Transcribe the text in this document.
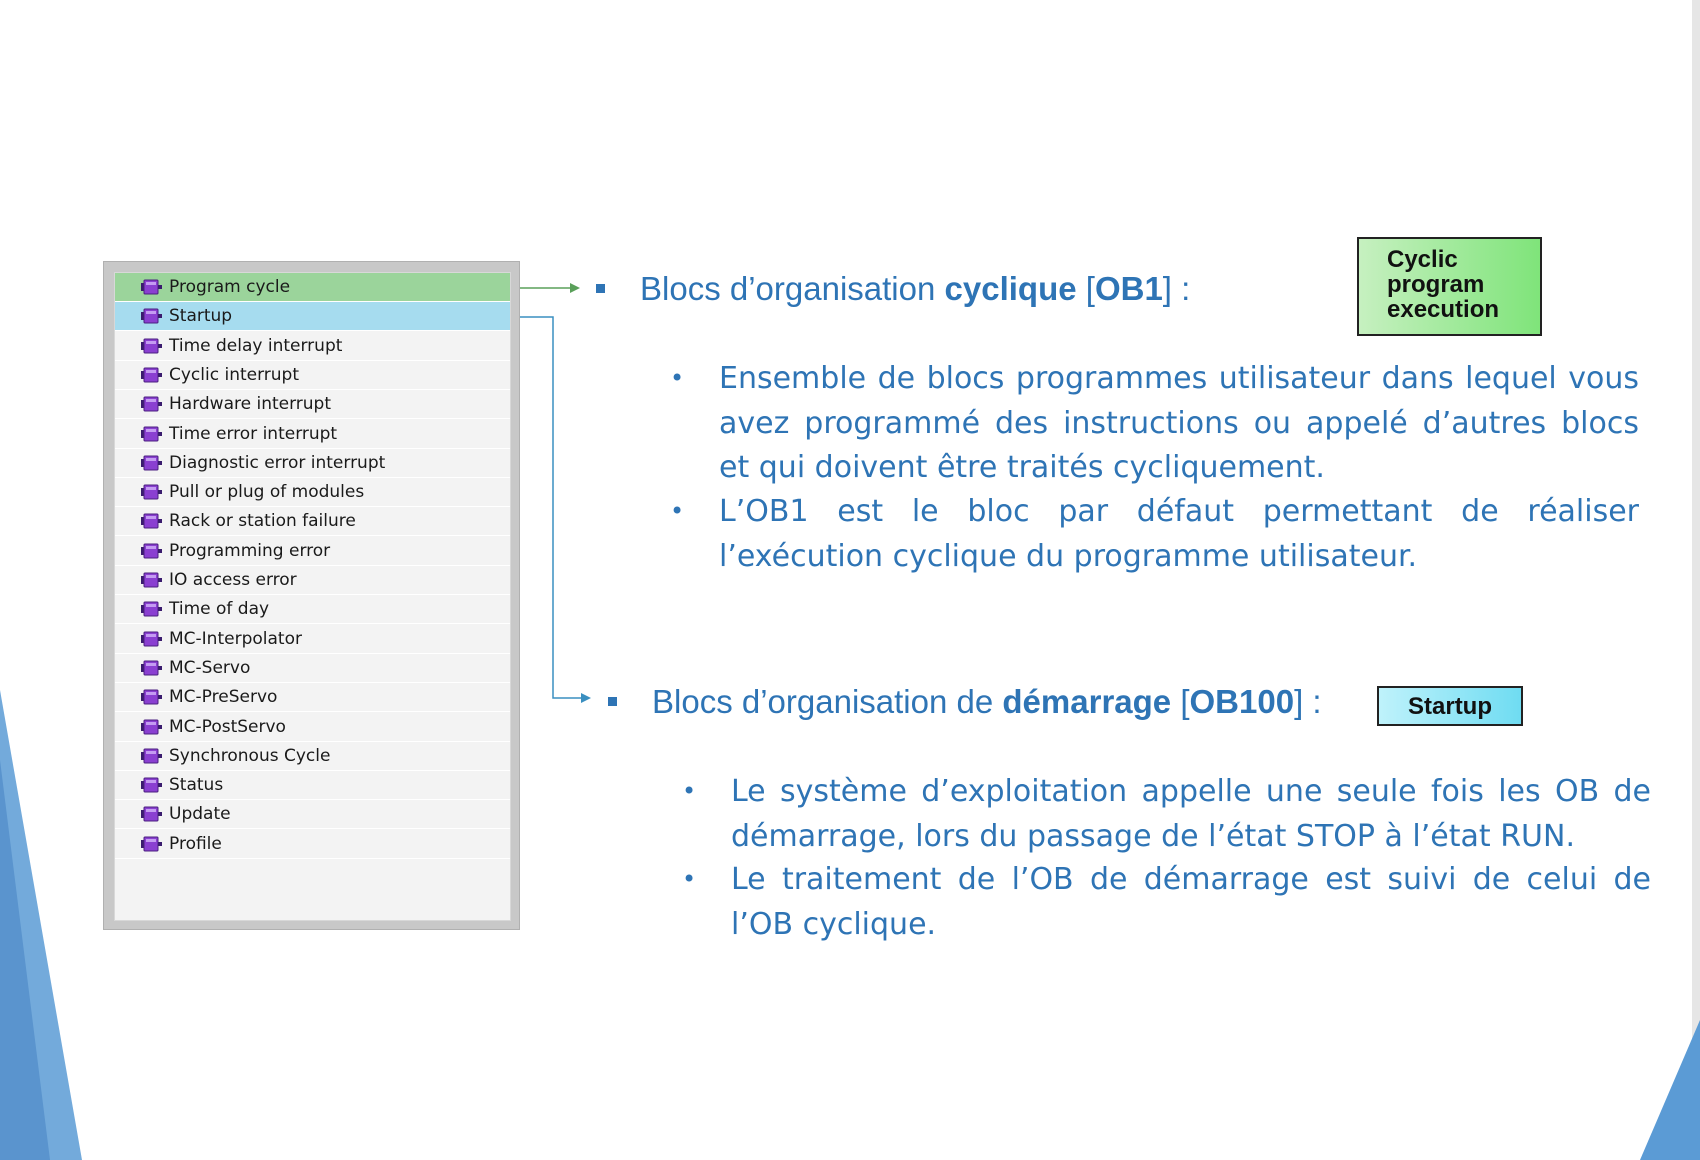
Program cycle
Startup
Time delay interrupt
Cyclic interrupt
Hardware interrupt
Time error interrupt
Diagnostic error interrupt
Pull or plug of modules
Rack or station failure
Programming error
IO access error
Time of day
MC-Interpolator
MC-Servo
MC-PreServo
MC-PostServo
Synchronous Cycle
Status
Update
Profile
Blocs d’organisation cyclique [OB1] :
Cyclic
program
execution
• Ensemble de blocs programmes utilisateur dans lequel vous avez programmé des instructions ou appelé d’autres blocs et qui doivent être traités cycliquement.
• L’OB1 est le bloc par défaut permettant de réaliser l’exécution cyclique du programme utilisateur.
Blocs d’organisation de démarrage [OB100] :	Startup
• Le système d’exploitation appelle une seule fois les OB de démarrage, lors du passage de l’état STOP à l’état RUN.
• Le traitement de l’OB de démarrage est suivi de celui de l’OB cyclique.
